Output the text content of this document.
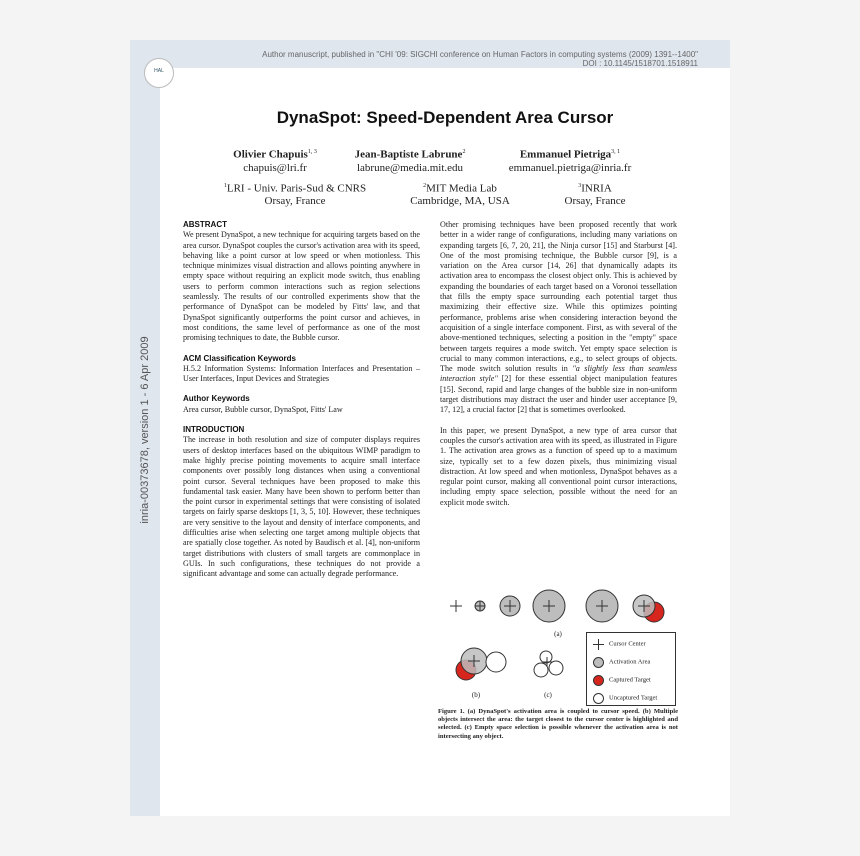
inria-00373678, version 1 - 6 Apr 2009
Author manuscript, published in "CHI '09: SIGCHI conference on Human Factors in computing systems (2009) 1391--1400"
DOI : 10.1145/1518701.1518911
HAL
DynaSpot: Speed-Dependent Area Cursor
Olivier Chapuis$^{1, 3}$
chapuis@lri.fr
Jean-Baptiste Labrune$^2$
labrune@media.mit.edu
Emmanuel Pietriga$^{3, 1}$
emmanuel.pietriga@inria.fr
$^1$LRI - Univ. Paris-Sud & CNRS
Orsay, France
$^2$MIT Media Lab
Cambridge, MA, USA
$^3$INRIA
Orsay, France

ABSTRACT

We present DynaSpot, a new technique for acquiring targets based on the area cursor. DynaSpot couples the cursor's activation area with its speed, behaving like a point cursor at low speed or when motionless. This technique minimizes visual distraction and allows pointing anywhere in empty space without requiring an explicit mode switch, thus enabling users to perform common interactions such as region selections seamlessly. The results of our controlled experiments show that the performance of DynaSpot can be modeled by Fitts' law, and that DynaSpot significantly outperforms the point cursor and achieves, in most conditions, the same level of performance as one of the most promising techniques to date, the Bubble cursor.

ACM Classification Keywords

H.5.2 Information Systems: Information Interfaces and Presentation – User Interfaces, Input Devices and Strategies

Author Keywords

Area cursor, Bubble cursor, DynaSpot, Fitts' Law

INTRODUCTION

The increase in both resolution and size of computer displays requires users of desktop interfaces based on the ubiquitous WIMP paradigm to make highly precise pointing movements to acquire small interface components over possibly long distances when using a conventional point cursor. Several techniques have been proposed to make this fundamental task easier. Many have been shown to perform better than the point cursor in experimental settings that were consisting of isolated targets on fairly sparse desktops [1, 3, 5, 10]. However, these techniques are very sensitive to the layout and density of interface components, and difficulties arise when selecting one target among multiple objects that are spatially close together. As noted by Baudisch et al. [4], non-uniform target distributions with clusters of small targets are commonplace in GUIs. In such configurations, these techniques do not provide a significant advantage and some can actually degrade performance.

Other promising techniques have been proposed recently that work better in a wider range of configurations, including many variations on expanding targets [6, 7, 20, 21], the Ninja cursor [15] and Starburst [4]. One of the most promising technique, the Bubble cursor [9], is a variation on the Area cursor [14, 26] that dynamically adapts its activation area to encompass the closest object only. This is achieved by expanding the boundaries of each target based on a Voronoi tessellation that fills the empty space surrounding each potential target thus maximizing their effective size. While this optimizes pointing performance, problems arise when considering interaction beyond the acquisition of a single interface component. First, as with several of the above-mentioned techniques, selecting a position in the "empty" space between targets requires a mode switch. Yet empty space selection is crucial to many common interactions, e.g., to select groups of objects. The mode switch solution results in "a slightly less than seamless interaction style" [2] for these essential object manipulation features [15]. Second, rapid and large changes of the bubble size in non-uniform target distributions may distract the user and hinder user acceptance [9, 17, 12], a crucial factor [2] that is sometimes overlooked.

In this paper, we present DynaSpot, a new type of area cursor that couples the cursor's activation area with its speed, as illustrated in Figure 1. The activation area grows as a function of speed up to a maximum size, typically set to a few dozen pixels, thus minimizing visual distraction. At low speed and when motionless, DynaSpot behaves as a regular point cursor, making all conventional point cursor interactions, including empty space selection, possible without the need for an explicit mode switch.

(a)
(b)	(c)
Cursor Center
Activation Area
Captured Target
Uncaptured Target
Figure 1. (a) DynaSpot's activation area is coupled to cursor speed. (b) Multiple objects intersect the area: the target closest to the cursor center is highlighted and selected. (c) Empty space selection is possible whenever the activation area is not intersecting any object.
